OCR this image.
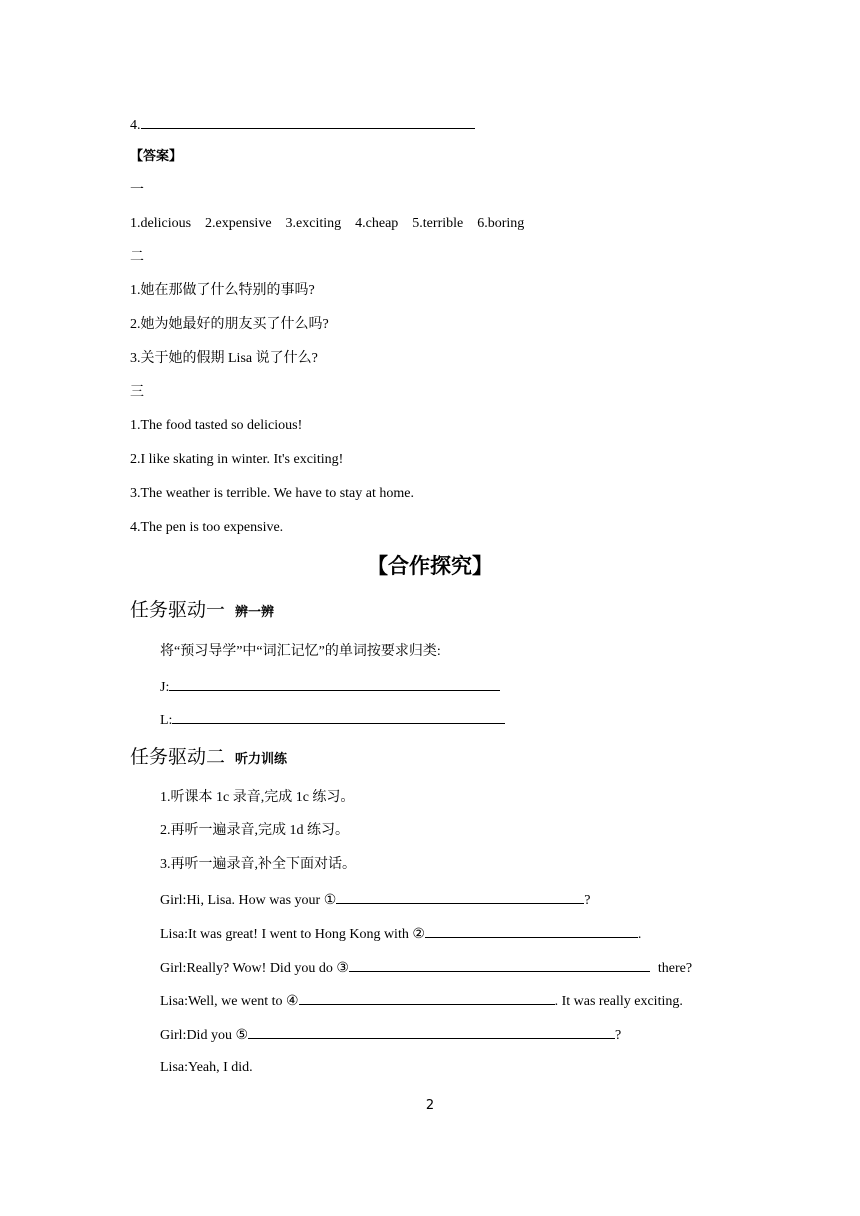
4.
【答案】
一
1.delicious 2.expensive 3.exciting 4.cheap 5.terrible 6.boring
二
1.她在那做了什么特别的事吗?
2.她为她最好的朋友买了什么吗?
3.关于她的假期 Lisa 说了什么?
三
1.The food tasted so delicious!
2.I like skating in winter. It's exciting!
3.The weather is terrible. We have to stay at home.
4.The pen is too expensive.
【合作探究】
任务驱动一 辨一辨
将“预习导学”中“词汇记忆”的单词按要求归类:
J:
L:
任务驱动二 听力训练
1.听课本 1c 录音,完成 1c 练习。
2.再听一遍录音,完成 1d 练习。
3.再听一遍录音,补全下面对话。
Girl:Hi, Lisa. How was your ①	?
Lisa:It was great! I went to Hong Kong with ②	.
Girl:Really? Wow! Did you do ③	there?
Lisa:Well, we went to ④	. It was really exciting.
Girl:Did you ⑤	?
Lisa:Yeah, I did.
2
